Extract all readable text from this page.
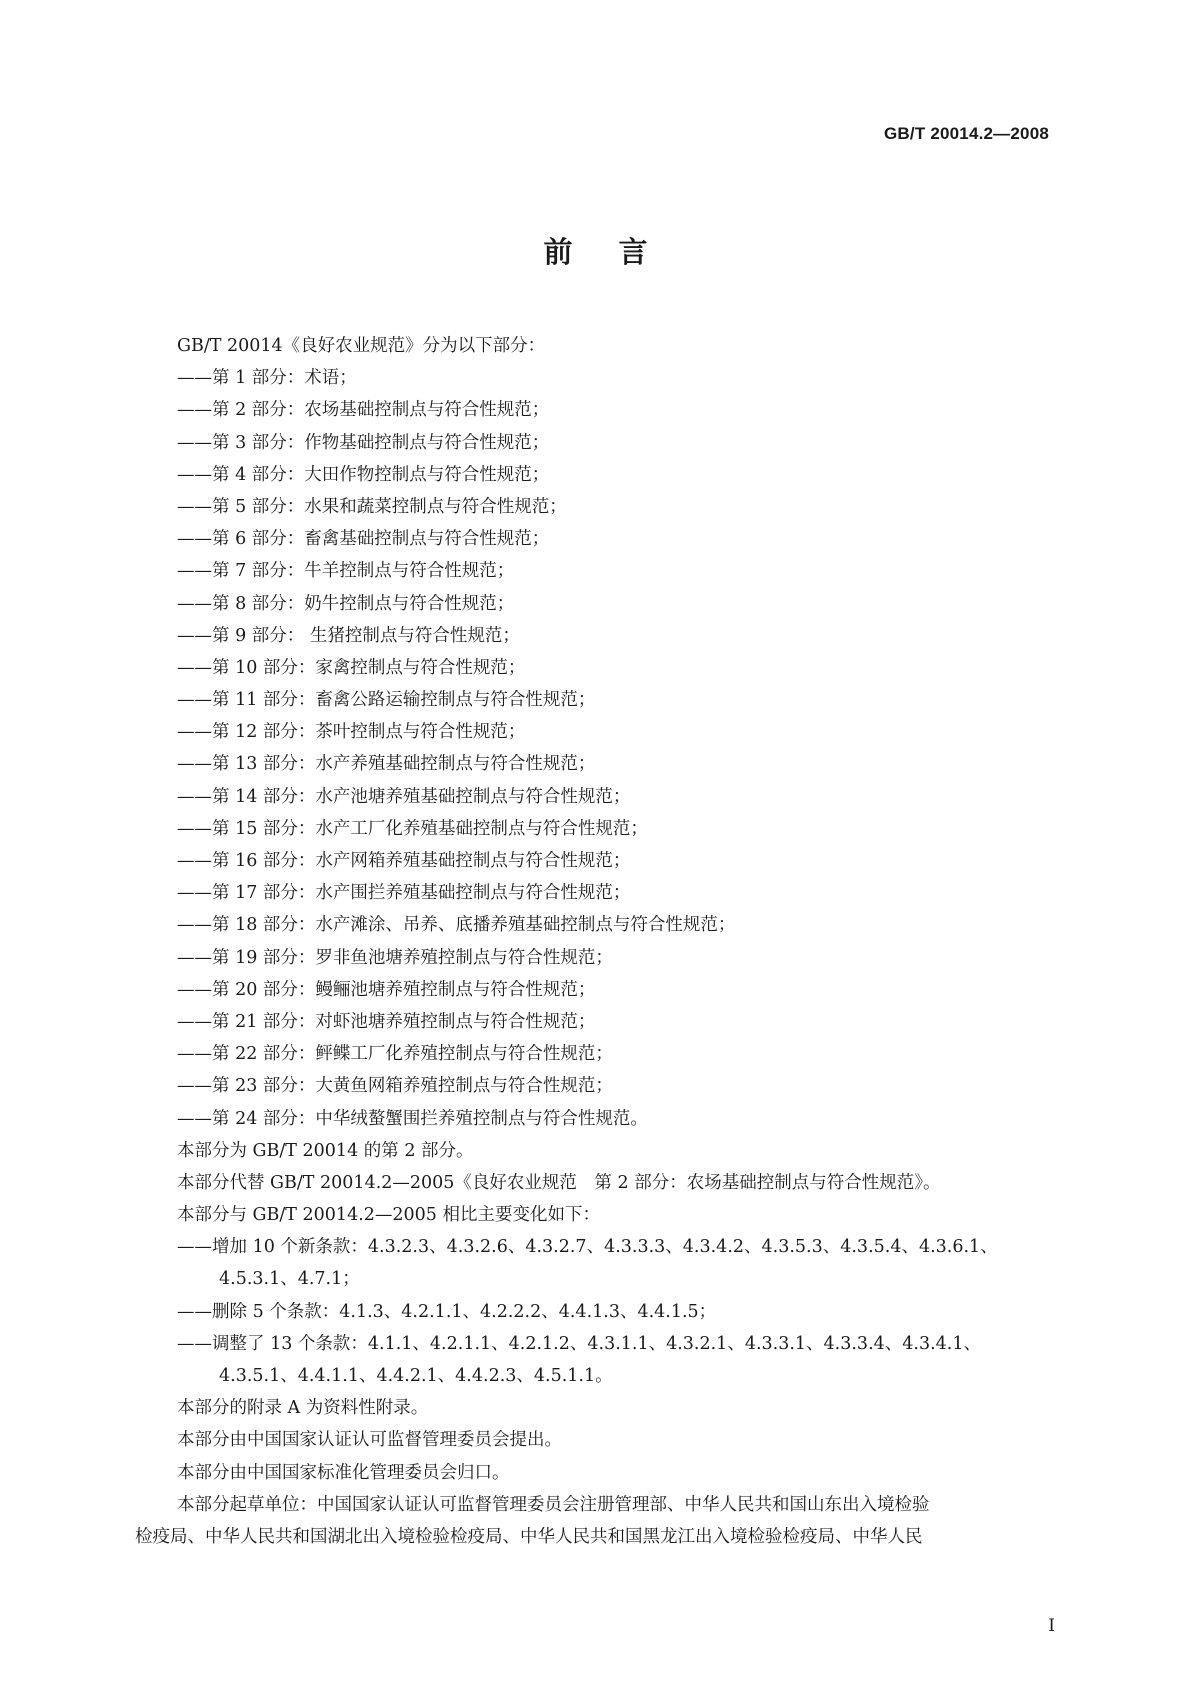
GB/T 20014.2—2008
前言
GB/T 20014《良好农业规范》分为以下部分：
——第 1 部分：术语；
——第 2 部分：农场基础控制点与符合性规范；
——第 3 部分：作物基础控制点与符合性规范；
——第 4 部分：大田作物控制点与符合性规范；
——第 5 部分：水果和蔬菜控制点与符合性规范；
——第 6 部分：畜禽基础控制点与符合性规范；
——第 7 部分：牛羊控制点与符合性规范；
——第 8 部分：奶牛控制点与符合性规范；
——第 9 部分： 生猪控制点与符合性规范；
——第 10 部分：家禽控制点与符合性规范；
——第 11 部分：畜禽公路运输控制点与符合性规范；
——第 12 部分：茶叶控制点与符合性规范；
——第 13 部分：水产养殖基础控制点与符合性规范；
——第 14 部分：水产池塘养殖基础控制点与符合性规范；
——第 15 部分：水产工厂化养殖基础控制点与符合性规范；
——第 16 部分：水产网箱养殖基础控制点与符合性规范；
——第 17 部分：水产围拦养殖基础控制点与符合性规范；
——第 18 部分：水产滩涂、吊养、底播养殖基础控制点与符合性规范；
——第 19 部分：罗非鱼池塘养殖控制点与符合性规范；
——第 20 部分：鳗鲡池塘养殖控制点与符合性规范；
——第 21 部分：对虾池塘养殖控制点与符合性规范；
——第 22 部分：鲆鲽工厂化养殖控制点与符合性规范；
——第 23 部分：大黄鱼网箱养殖控制点与符合性规范；
——第 24 部分：中华绒螯蟹围拦养殖控制点与符合性规范。
本部分为 GB/T 20014 的第 2 部分。
本部分代替 GB/T 20014.2—2005《良好农业规范　第 2 部分：农场基础控制点与符合性规范》。
本部分与 GB/T 20014.2—2005 相比主要变化如下：
——增加 10 个新条款：4.3.2.3、4.3.2.6、4.3.2.7、4.3.3.3、4.3.4.2、4.3.5.3、4.3.5.4、4.3.6.1、
4.5.3.1、4.7.1；
——删除 5 个条款：4.1.3、4.2.1.1、4.2.2.2、4.4.1.3、4.4.1.5；
——调整了 13 个条款：4.1.1、4.2.1.1、4.2.1.2、4.3.1.1、4.3.2.1、4.3.3.1、4.3.3.4、4.3.4.1、
4.3.5.1、4.4.1.1、4.4.2.1、4.4.2.3、4.5.1.1。
本部分的附录 A 为资料性附录。
本部分由中国国家认证认可监督管理委员会提出。
本部分由中国国家标准化管理委员会归口。
本部分起草单位：中国国家认证认可监督管理委员会注册管理部、中华人民共和国山东出入境检验
检疫局、中华人民共和国湖北出入境检验检疫局、中华人民共和国黑龙江出入境检验检疫局、中华人民
I
